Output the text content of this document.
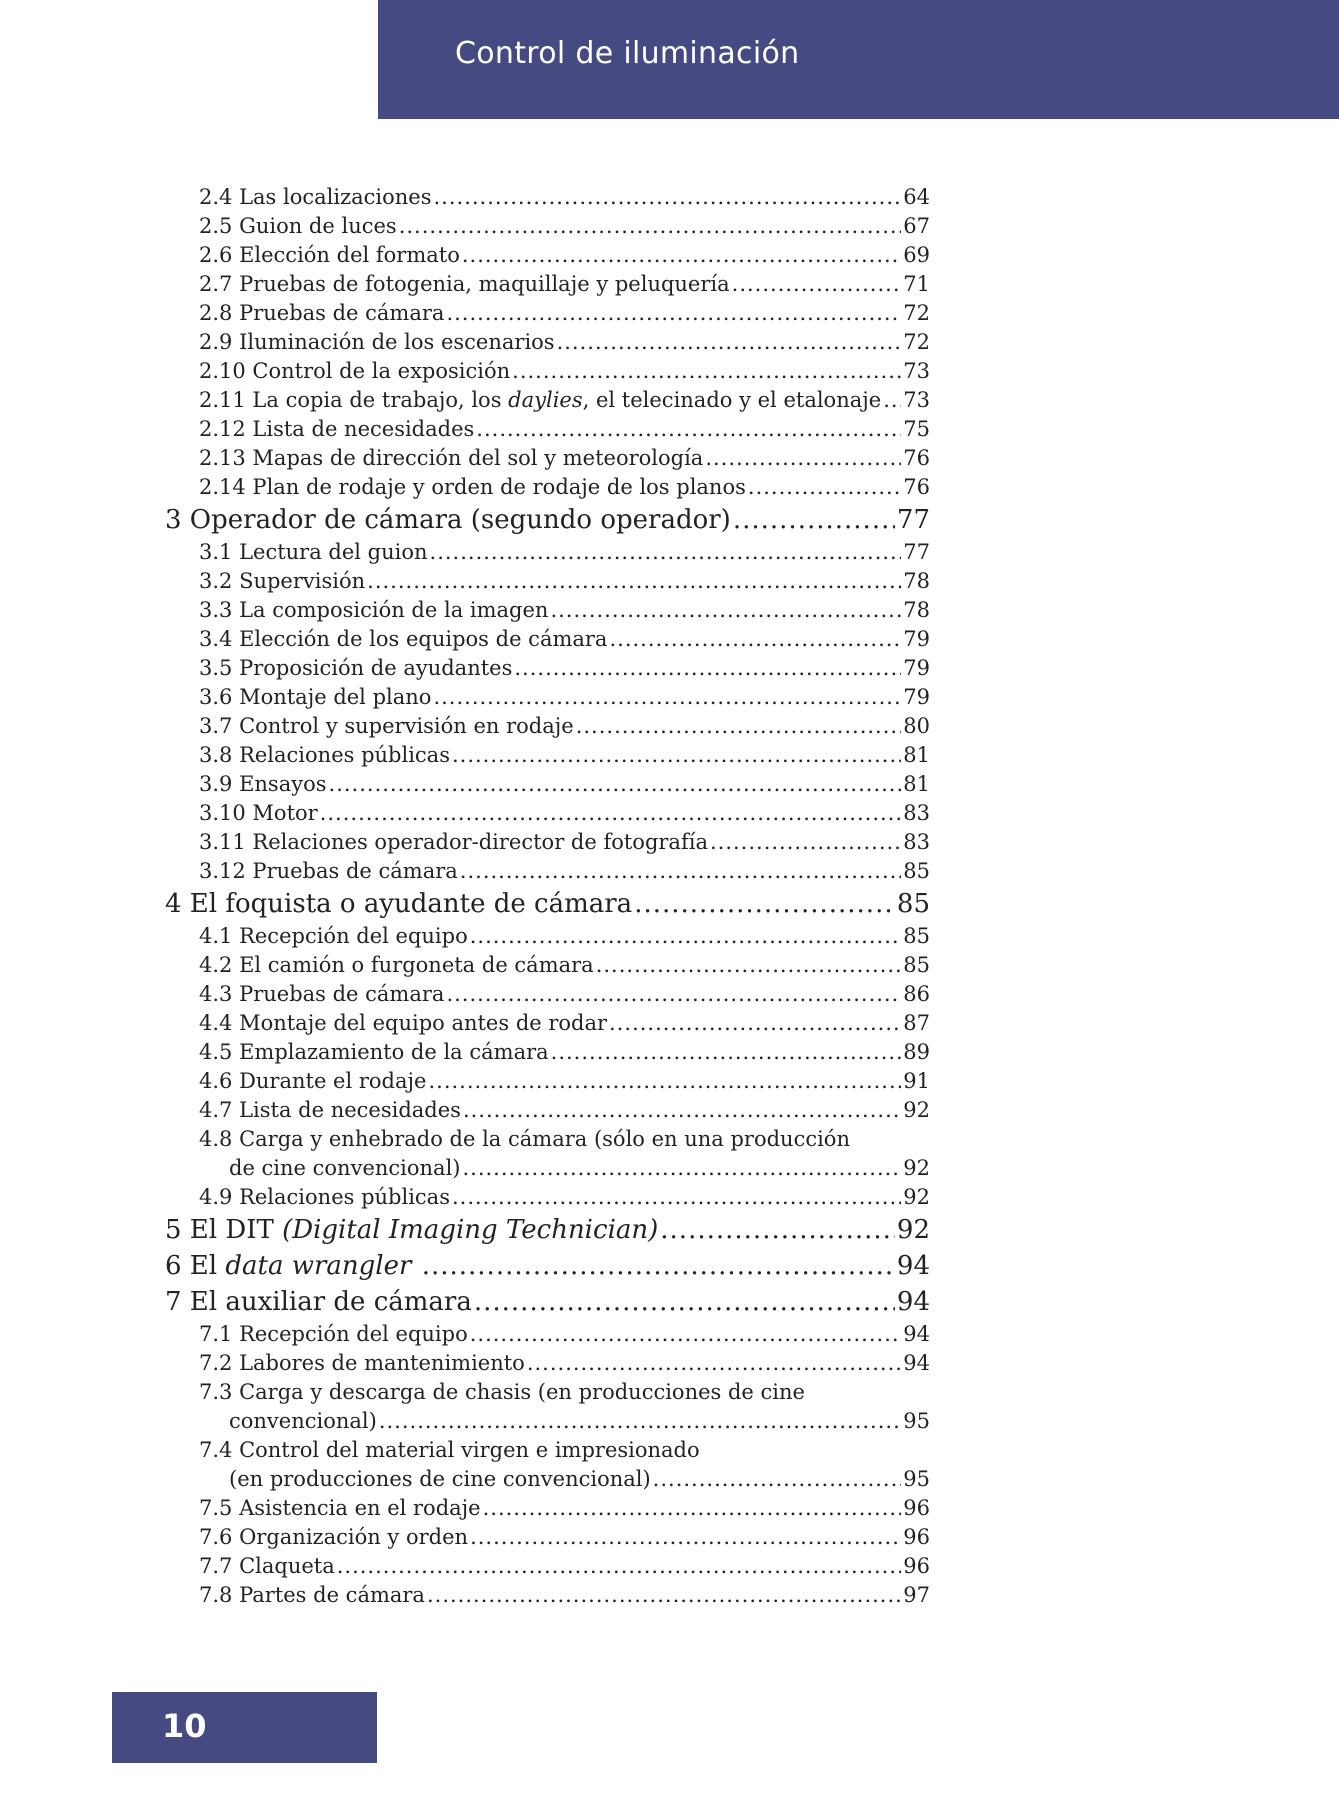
Control de iluminación
2.4 Las localizaciones .....	64
2.5 Guion de luces .....	67
2.6 Elección del formato .....	69
2.7 Pruebas de fotogenia, maquillaje y peluquería .....	71
2.8 Pruebas de cámara .....	72
2.9 Iluminación de los escenarios .....	72
2.10 Control de la exposición .....	73
2.11 La copia de trabajo, los daylies, el telecinado y el etalonaje ..... 73
2.12 Lista de necesidades .....	75
2.13 Mapas de dirección del sol y meteorología .....	76
2.14 Plan de rodaje y orden de rodaje de los planos .....	76
3 Operador de cámara (segundo operador) .....	77
3.1 Lectura del guion .....	77
3.2 Supervisión .....	78
3.3 La composición de la imagen .....	78
3.4 Elección de los equipos de cámara .....	79
3.5 Proposición de ayudantes .....	79
3.6 Montaje del plano .....	79
3.7 Control y supervisión en rodaje .....	80
3.8 Relaciones públicas .....	81
3.9 Ensayos .....	81
3.10 Motor .....	83
3.11 Relaciones operador-director de fotografía .....	83
3.12 Pruebas de cámara .....	85
4 El foquista o ayudante de cámara .....	85
4.1 Recepción del equipo .....	85
4.2 El camión o furgoneta de cámara .....	85
4.3 Pruebas de cámara .....	86
4.4 Montaje del equipo antes de rodar .....	87
4.5 Emplazamiento de la cámara .....	89
4.6 Durante el rodaje .....	91
4.7 Lista de necesidades .....	92
4.8 Carga y enhebrado de la cámara (sólo en una producción
de cine convencional) .....	92
4.9 Relaciones públicas .....	92
5 El DIT (Digital Imaging Technician) .....	92
6 El data wrangler .....	94
7 El auxiliar de cámara .....	94
7.1 Recepción del equipo .....	94
7.2 Labores de mantenimiento .....	94
7.3 Carga y descarga de chasis (en producciones de cine
convencional) .....	95
7.4 Control del material virgen e impresionado
(en producciones de cine convencional) .....	95
7.5 Asistencia en el rodaje .....	96
7.6 Organización y orden .....	96
7.7 Claqueta .....	96
7.8 Partes de cámara .....	97
10
